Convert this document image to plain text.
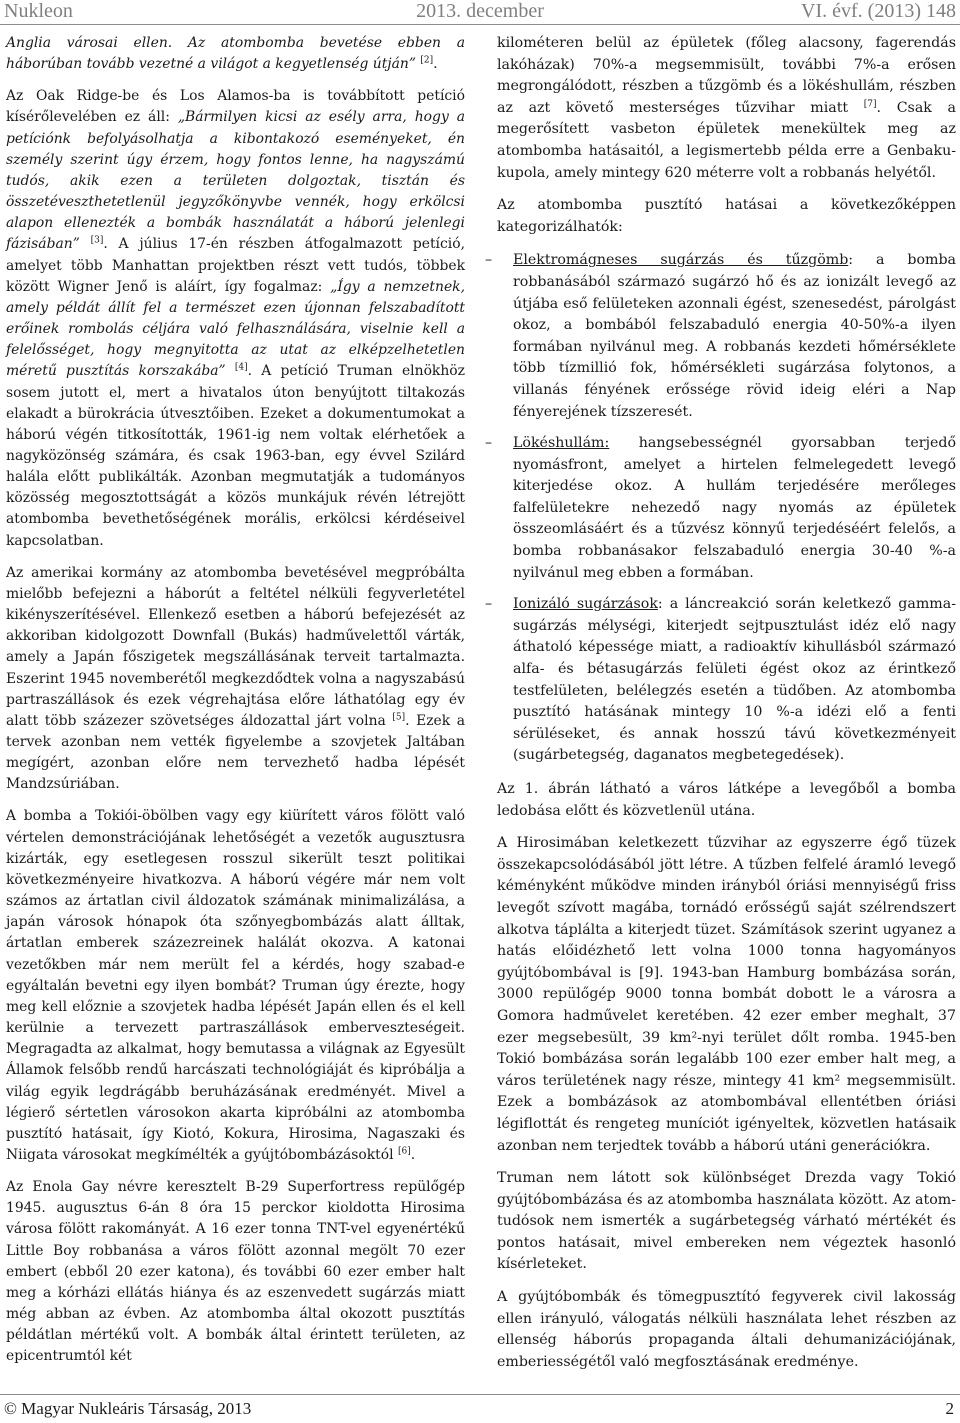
2013. december
Nukleon	VI. évf. (2013) 148

Anglia városai ellen. Az atombomba bevetése ebben a háborúban tovább vezetné a világot a kegyetlenség útján” [2].

Az Oak Ridge-be és Los Alamos-ba is továbbított petíció kísérőlevelében ez áll: „Bármilyen kicsi az esély arra, hogy a petíciónk befolyásolhatja a kibontakozó eseményeket, én személy szerint úgy érzem, hogy fontos lenne, ha nagyszámú tudós, akik ezen a területen dolgoztak, tisztán és összetéveszthetetlenül jegyzőkönyvbe vennék, hogy erkölcsi alapon ellenezték a bombák használatát a háború jelenlegi fázisában” [3]. A július 17-én részben átfogalmazott petíció, amelyet több Manhattan projektben részt vett tudós, többek között Wigner Jenő is aláírt, így fogalmaz: „Így a nemzetnek, amely példát állít fel a természet ezen újonnan felszabadított erőinek rombolás céljára való felhasználására, viselnie kell a felelősséget, hogy megnyitotta az utat az elképzelhetetlen méretű pusztítás korszakába” [4]. A petíció Truman elnökhöz sosem jutott el, mert a hivatalos úton benyújtott tiltakozás elakadt a bürokrácia útvesztőiben. Ezeket a dokumentumokat a háború végén titkosították, 1961-ig nem voltak elérhetőek a nagyközönség számára, és csak 1963-ban, egy évvel Szilárd halála előtt publikálták. Azonban megmutatják a tudományos közösség megosztottságát a közös munkájuk révén létrejött atombomba bevethetőségének morális, erkölcsi kérdéseivel kapcsolatban.

Az amerikai kormány az atombomba bevetésével megpróbálta mielőbb befejezni a háborút a feltétel nélküli fegyverletétel kikényszerítésével. Ellenkező esetben a háború befejezését az akkoriban kidolgozott Downfall (Bukás) hadművelettől várták, amely a Japán főszigetek megszállásának terveit tartalmazta. Eszerint 1945 novemberétől megkezdődtek volna a nagyszabású partraszállások és ezek végrehajtása előre láthatólag egy év alatt több százezer szövetséges áldozattal járt volna [5]. Ezek a tervek azonban nem vették figyelembe a szovjetek Jaltában megígért, azonban előre nem tervezhető hadba lépését Mandzsúriában.

A bomba a Tokiói-öbölben vagy egy kiürített város fölött való vértelen demonstrációjának lehetőségét a vezetők augusztusra kizárták, egy esetlegesen rosszul sikerült teszt politikai következményeire hivatkozva. A háború végére már nem volt számos az ártatlan civil áldozatok számának minimalizálása, a japán városok hónapok óta szőnyegbombázás alatt álltak, ártatlan emberek százezreinek halálát okozva. A katonai vezetőkben már nem merült fel a kérdés, hogy szabad-e egyáltalán bevetni egy ilyen bombát? Truman úgy érezte, hogy meg kell előznie a szovjetek hadba lépését Japán ellen és el kell kerülnie a tervezett partraszállások emberveszteségeit. Megragadta az alkalmat, hogy bemutassa a világnak az Egyesült Államok felsőbb rendű harcászati technológiáját és kipróbálja a világ egyik legdrágább beruházásának eredményét. Mivel a légierő sértetlen városokon akarta kipróbálni az atombomba pusztító hatásait, így Kiotó, Kokura, Hirosima, Nagaszaki és Niigata városokat megkímélték a gyújtóbombázásoktól [6].

Az Enola Gay névre keresztelt B-29 Superfortress repülőgép 1945. augusztus 6-án 8 óra 15 perckor kioldotta Hirosima városa fölött rakományát. A 16 ezer tonna TNT-vel egyenértékű Little Boy robbanása a város fölött azonnal megölt 70 ezer embert (ebből 20 ezer katona), és további 60 ezer ember halt meg a kórházi ellátás hiánya és az eszenvedett sugárzás miatt még abban az évben. Az atombomba által okozott pusztítás példátlan mértékű volt. A bombák által érintett területen, az epicentrumtól két

kilométeren belül az épületek (főleg alacsony, fagerendás lakóházak) 70%-a megsemmisült, további 7%-a erősen megrongálódott, részben a tűzgömb és a lökéshullám, részben az azt követő mesterséges tűzvihar miatt [7]. Csak a megerősített vasbeton épületek menekültek meg az atombomba hatásaitól, a legismertebb példa erre a Genbaku-kupola, amely mintegy 620 méterre volt a robbanás helyétől.

Az atombomba pusztító hatásai a következőképpen kategorizálhatók:

– Elektromágneses sugárzás és tűzgömb: a bomba robbanásából származó sugárzó hő és az ionizált levegő az útjába eső felületeken azonnali égést, szenesedést, párolgást okoz, a bombából felszabaduló energia 40-50%-a ilyen formában nyilvánul meg. A robbanás kezdeti hőmérséklete több tízmillió fok, hőmérsékleti sugárzása folytonos, a villanás fényének erőssége rövid ideig eléri a Nap fényerejének tízszeresét.
– Lökéshullám: hangsebességnél gyorsabban terjedő nyomásfront, amelyet a hirtelen felmelegedett levegő kiterjedése okoz. A hullám terjedésére merőleges falfelületekre nehezedő nagy nyomás az épületek összeomlásáért és a tűzvész könnyű terjedéséért felelős, a bomba robbanásakor felszabaduló energia 30-40 %-a nyilvánul meg ebben a formában.
– Ionizáló sugárzások: a láncreakció során keletkező gamma-sugárzás mélységi, kiterjedt sejtpusztulást idéz elő nagy áthatoló képessége miatt, a radioaktív kihullásból származó alfa- és bétasugárzás felületi égést okoz az érintkező testfelületen, belélegzés esetén a tüdőben. Az atombomba pusztító hatásának mintegy 10 %-a idézi elő a fenti sérüléseket, és annak hosszú távú következményeit (sugárbetegség, daganatos megbetegedések).

Az 1. ábrán látható a város látképe a levegőből a bomba ledobása előtt és közvetlenül utána.

A Hirosimában keletkezett tűzvihar az egyszerre égő tüzek összekapcsolódásából jött létre. A tűzben felfelé áramló levegő kéményként működve minden irányból óriási mennyiségű friss levegőt szívott magába, tornádó erősségű saját szélrendszert alkotva táplálta a kiterjedt tüzet. Számítások szerint ugyanez a hatás előidézhető lett volna 1000 tonna hagyományos gyújtóbombával is [9]. 1943-ban Hamburg bombázása során, 3000 repülőgép 9000 tonna bombát dobott le a városra a Gomora hadművelet keretében. 42 ezer ember meghalt, 37 ezer megsebesült, 39 km²-nyi terület dőlt romba. 1945-ben Tokió bombázása során legalább 100 ezer ember halt meg, a város területének nagy része, mintegy 41 km² megsemmisült. Ezek a bombázások az atombombával ellentétben óriási légiflottát és rengeteg muníciót igényeltek, közvetlen hatásaik azonban nem terjedtek tovább a háború utáni generációkra.

Truman nem látott sok különbséget Drezda vagy Tokió gyújtóbombázása és az atombomba használata között. Az atom-tudósok nem ismerték a sugárbetegség várható mértékét és pontos hatásait, mivel embereken nem végeztek hasonló kísérleteket.

A gyújtóbombák és tömegpusztító fegyverek civil lakosság ellen irányuló, válogatás nélküli használata lehet részben az ellenség háborús propaganda általi dehumanizációjának, emberiességétől való megfosztásának eredménye.

© Magyar Nukleáris Társaság, 2013	2
